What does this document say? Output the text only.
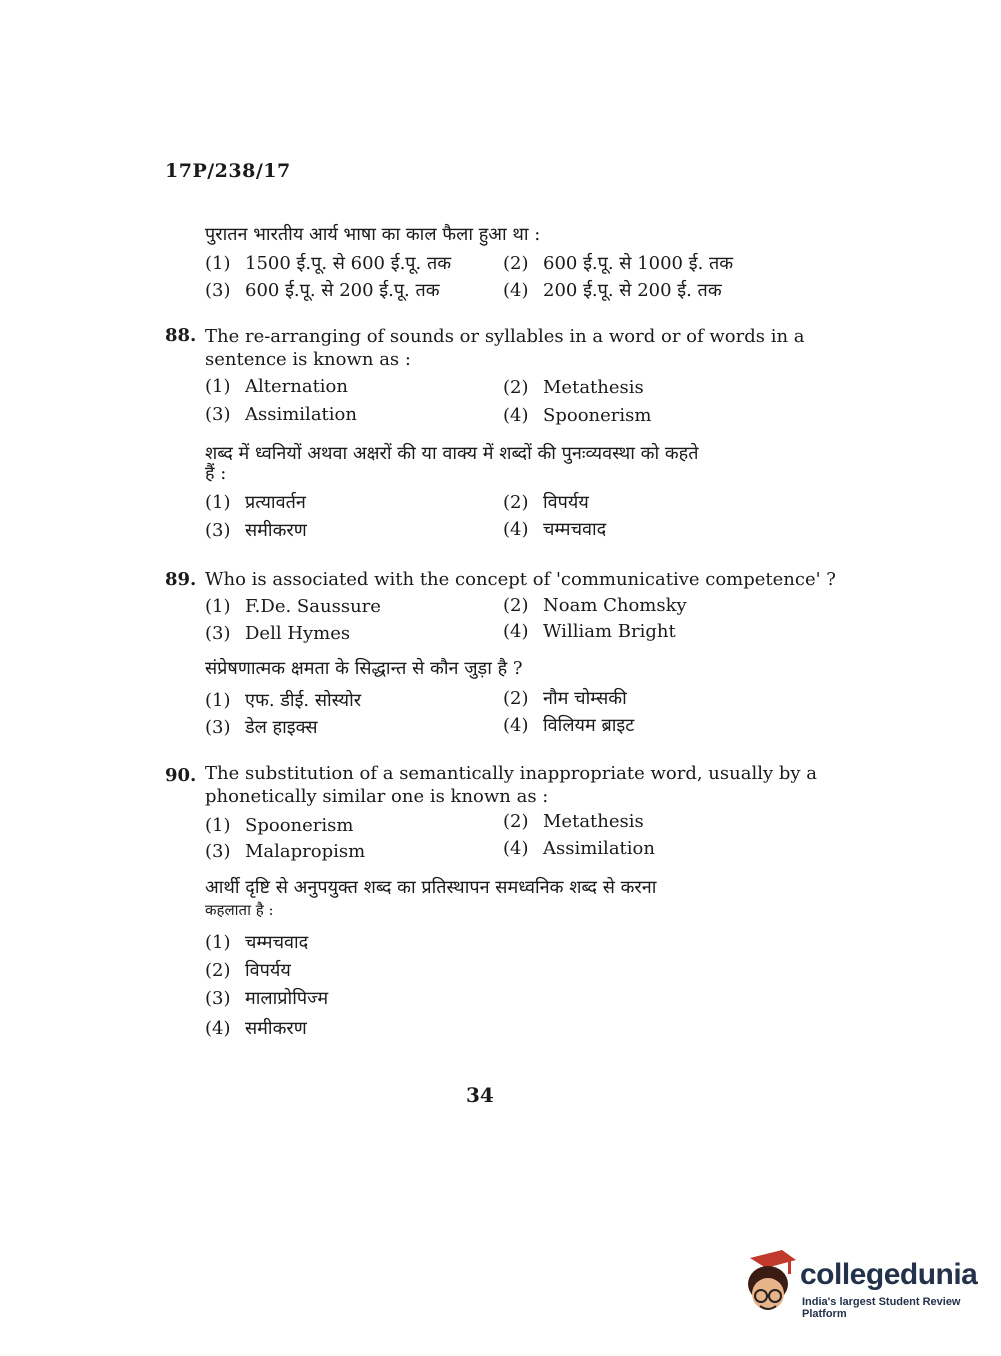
17P/238/17
पुरातन भारतीय आर्य भाषा का काल फैला हुआ था :
(1) 1500 ई.पू. से 600 ई.पू. तक	(2) 600 ई.पू. से 1000 ई. तक
(3) 600 ई.पू. से 200 ई.पू. तक	(4) 200 ई.पू. से 200 ई. तक
88. The re-arranging of sounds or syllables in a word or of words in a
sentence is known as :
(1) Alternation	(2) Metathesis
(3) Assimilation	(4) Spoonerism
शब्द में ध्वनियों अथवा अक्षरों की या वाक्य में शब्दों की पुनःव्यवस्था को कहते
हैं :
(1) प्रत्यावर्तन	(2) विपर्यय
(3) समीकरण	(4) चम्मचवाद
89. Who is associated with the concept of 'communicative competence' ?
(1) F.De. Saussure	(2) Noam Chomsky
(3) Dell Hymes	(4) William Bright
संप्रेषणात्मक क्षमता के सिद्धान्त से कौन जुड़ा है ?
(1) एफ. डीई. सोस्योर	(2) नौम चोम्सकी
(3) डेल हाइक्स	(4) विलियम ब्राइट
90. The substitution of a semantically inappropriate word, usually by a
phonetically similar one is known as :
(1) Spoonerism	(2) Metathesis
(3) Malapropism	(4) Assimilation
आर्थी दृष्टि से अनुपयुक्त शब्द का प्रतिस्थापन समध्वनिक शब्द से करना
कहलाता है :
(1) चम्मचवाद
(2) विपर्यय
(3) मालाप्रोपिज्म
(4) समीकरण
34
collegedunia
India's largest Student Review Platform
